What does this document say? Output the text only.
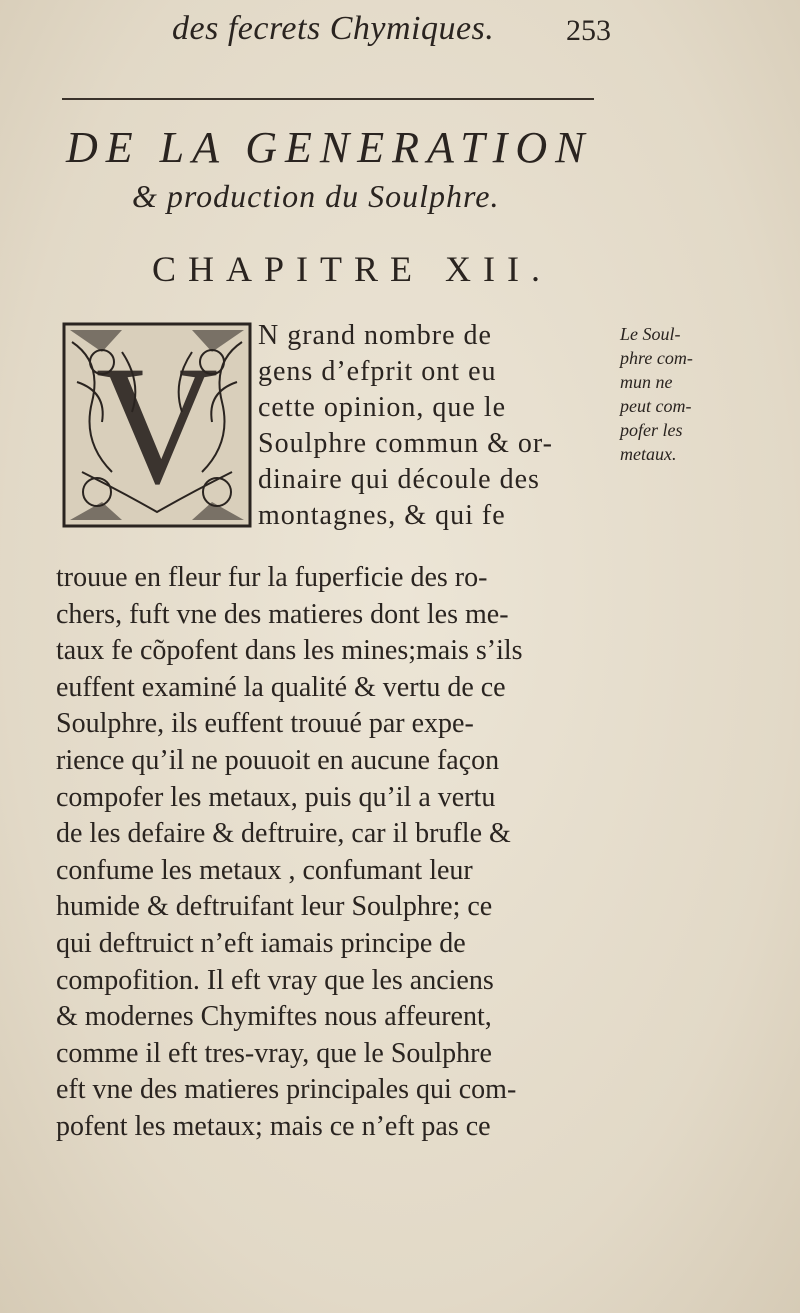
des fecrets Chymiques. 253
DE LA GENERATION
& production du Soulphre.
CHAPITRE XII.
V N grand nombre de
gens d’efprit ont eu
cette opinion, que le
Soulphre commun & or-
dinaire qui découle des
montagnes, & qui fe
Le Soul-
phre com-
mun ne
peut com-
pofer les
metaux.
trouue en fleur fur la fuperficie des ro-
chers, fuft vne des matieres dont les me-
taux fe cõpofent dans les mines;mais s’ils
euffent examiné la qualité & vertu de ce
Soulphre, ils euffent trouué par expe-
rience qu’il ne pouuoit en aucune façon
compofer les metaux, puis qu’il a vertu
de les defaire & deftruire, car il brufle &
confume les metaux , confumant leur
humide & deftruifant leur Soulphre; ce
qui deftruict n’eft iamais principe de
compofition. Il eft vray que les anciens
& modernes Chymiftes nous affeurent,
comme il eft tres-vray, que le Soulphre
eft vne des matieres principales qui com-
pofent les metaux; mais ce n’eft pas ce
